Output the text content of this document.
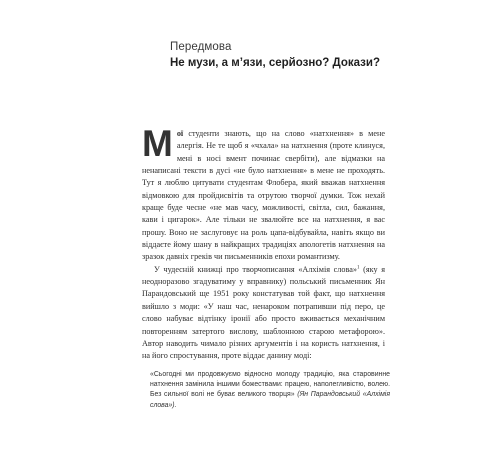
Передмова
Не музи, а м’язи, серйозно? Докази?

Мої студенти знають, що на слово «натхнення» в мене алергія. Не те щоб я «чхала» на натхнення (проте клинуся, мені в носі вмент починає свербіти), але відмазки на ненаписані тексти в дусі «не було натхнення» в мене не проходять. Тут я люблю цитувати студентам Флобера, який вважав натхнення відмовкою для пройдисвітів та отрутою творчої думки. Тож нехай краще буде чесне «не мав часу, можливості, світла, сил, бажання, кави і цигарок». Але тільки не звалюйте все на натхнення, я вас прошу. Воно не заслуговує на роль цапа-відбувайла, навіть якщо ви віддаєте йому шану в найкращих традиціях апологетів натхнення на зразок давніх греків чи письменників епохи романтизму.

У чудесній книжці про творчописання «Алхімія слова»$^1$ (яку я неодноразово згадуватиму у вправнику) польський письменник Ян Парандовський ще 1951 року констатував той факт, що натхнення вийшло з моди: «У наш час, ненароком потрапивши під перо, це слово набуває відтінку іронії або просто вживається механічним повторенням затертого вислову, шаблонною старою метафорою». Автор наводить чимало різних аргументів і на користь натхнення, і на його спростування, проте віддає данину моді:

«Сьогодні ми продовжуємо відносно молоду традицію, яка старовинне натхнення замінила іншими божествами: працею, наполегливістю, волею. Без сильної волі не буває великого творця» (Ян Парандовський «Алхімія слова»).
